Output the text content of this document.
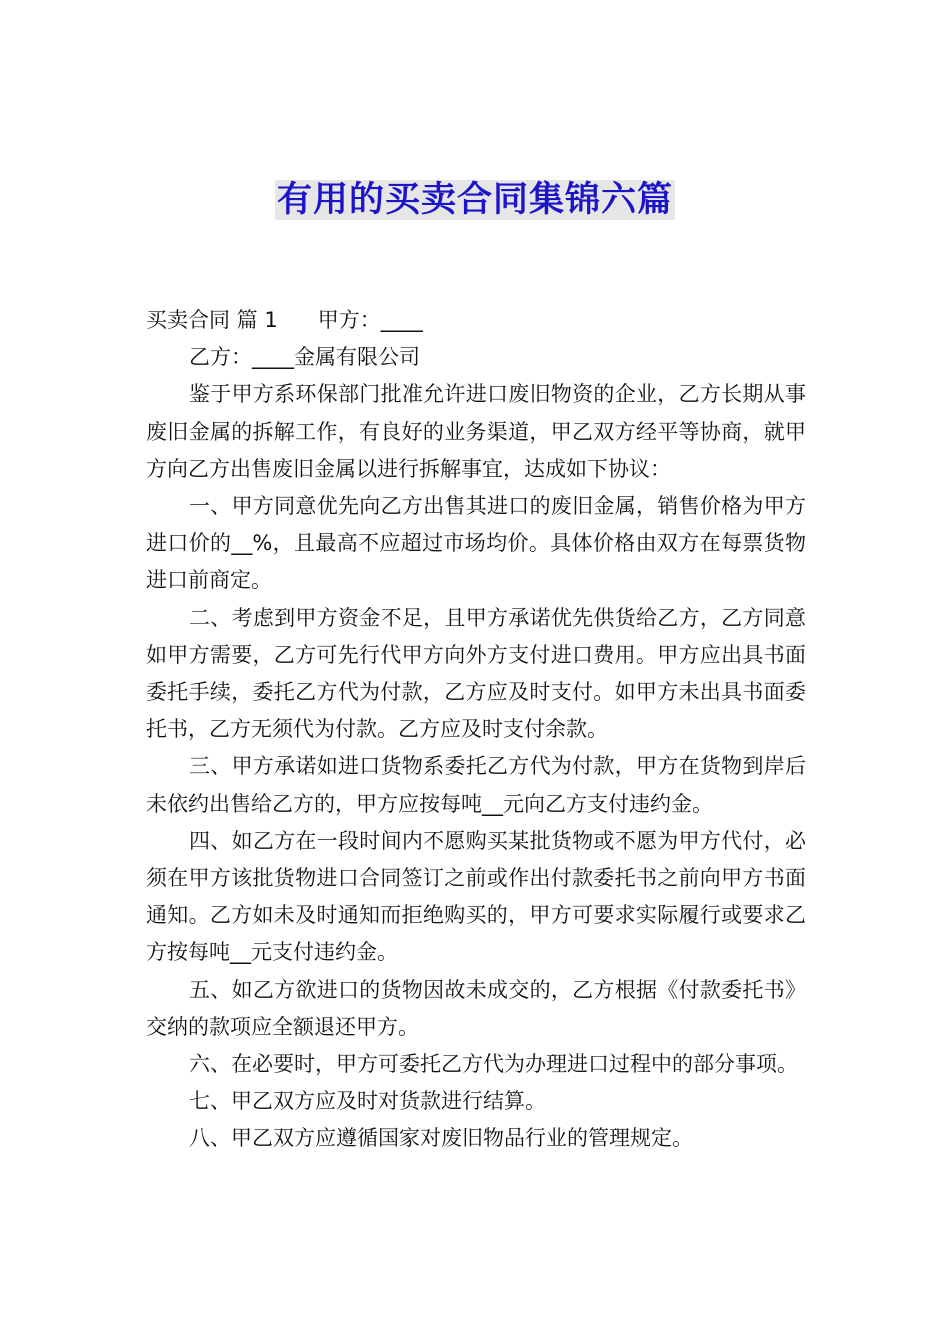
有用的买卖合同集锦六篇

买卖合同 篇 1 甲方：____

乙方：____金属有限公司

鉴于甲方系环保部门批准允许进口废旧物资的企业，乙方长期从事废旧金属的拆解工作，有良好的业务渠道，甲乙双方经平等协商，就甲方向乙方出售废旧金属以进行拆解事宜，达成如下协议：

一、甲方同意优先向乙方出售其进口的废旧金属，销售价格为甲方进口价的__%，且最高不应超过市场均价。具体价格由双方在每票货物进口前商定。

二、考虑到甲方资金不足，且甲方承诺优先供货给乙方，乙方同意如甲方需要，乙方可先行代甲方向外方支付进口费用。甲方应出具书面委托手续，委托乙方代为付款，乙方应及时支付。如甲方未出具书面委托书，乙方无须代为付款。乙方应及时支付余款。

三、甲方承诺如进口货物系委托乙方代为付款，甲方在货物到岸后未依约出售给乙方的，甲方应按每吨__元向乙方支付违约金。

四、如乙方在一段时间内不愿购买某批货物或不愿为甲方代付，必须在甲方该批货物进口合同签订之前或作出付款委托书之前向甲方书面通知。乙方如未及时通知而拒绝购买的，甲方可要求实际履行或要求乙方按每吨__元支付违约金。

五、如乙方欲进口的货物因故未成交的，乙方根据《付款委托书》交纳的款项应全额退还甲方。

六、在必要时，甲方可委托乙方代为办理进口过程中的部分事项。

七、甲乙双方应及时对货款进行结算。

八、甲乙双方应遵循国家对废旧物品行业的管理规定。
